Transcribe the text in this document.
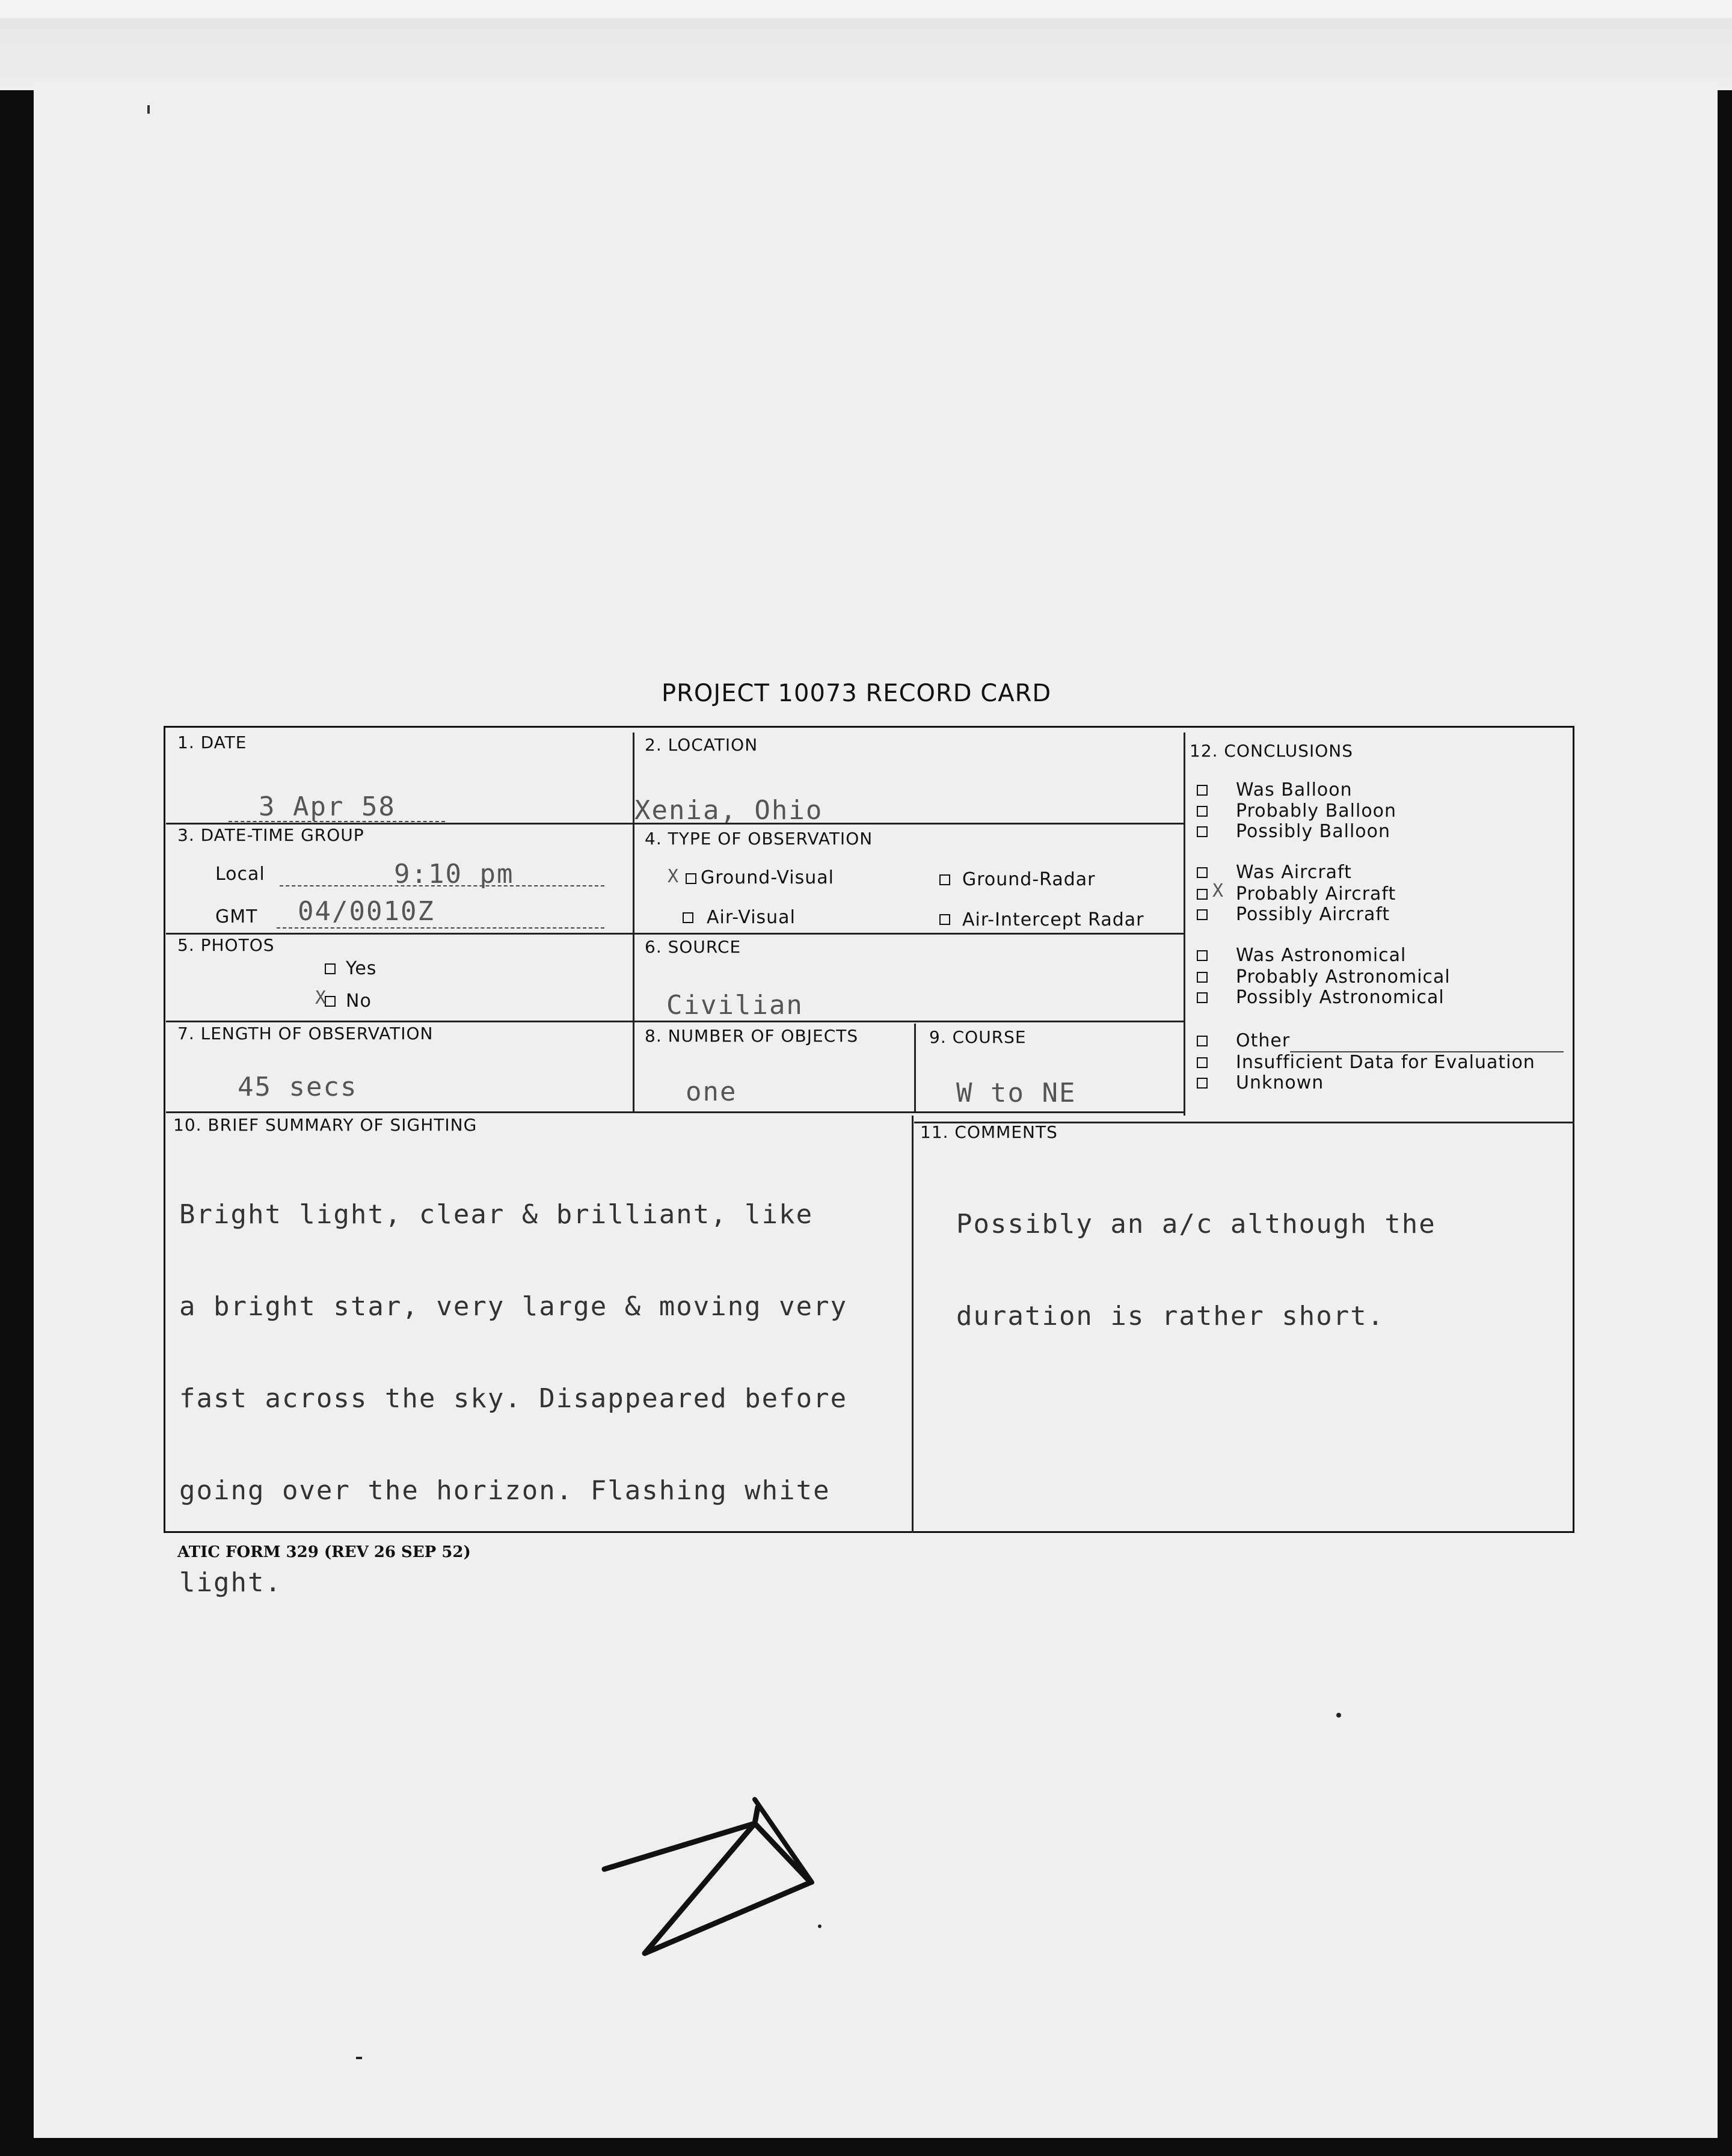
PROJECT 10073 RECORD CARD
1. DATE
3 Apr 58
2. LOCATION
Xenia, Ohio
3. DATE-TIME GROUP
Local	9:10 pm
GMT 04/0010Z
4. TYPE OF OBSERVATION
X Ground-Visual	Ground-Radar
Air-Visual	Air-Intercept Radar
5. PHOTOS
Yes
X No
6. SOURCE
Civilian
7. LENGTH OF OBSERVATION
45 secs
8. NUMBER OF OBJECTS
one
9. COURSE
W to NE
10. BRIEF SUMMARY OF SIGHTING

Bright light, clear & brilliant, like

a bright star, very large & moving very

fast across the sky. Disappeared before

going over the horizon. Flashing white

light.

11. COMMENTS

Possibly an a/c although the

duration is rather short.

12. CONCLUSIONS
Was Balloon
Probably Balloon
Possibly Balloon
Was Aircraft
X Probably Aircraft
Possibly Aircraft
Was Astronomical
Probably Astronomical
Possibly Astronomical
Other
Insufficient Data for Evaluation
Unknown
ATIC FORM 329 (REV 26 SEP 52)
